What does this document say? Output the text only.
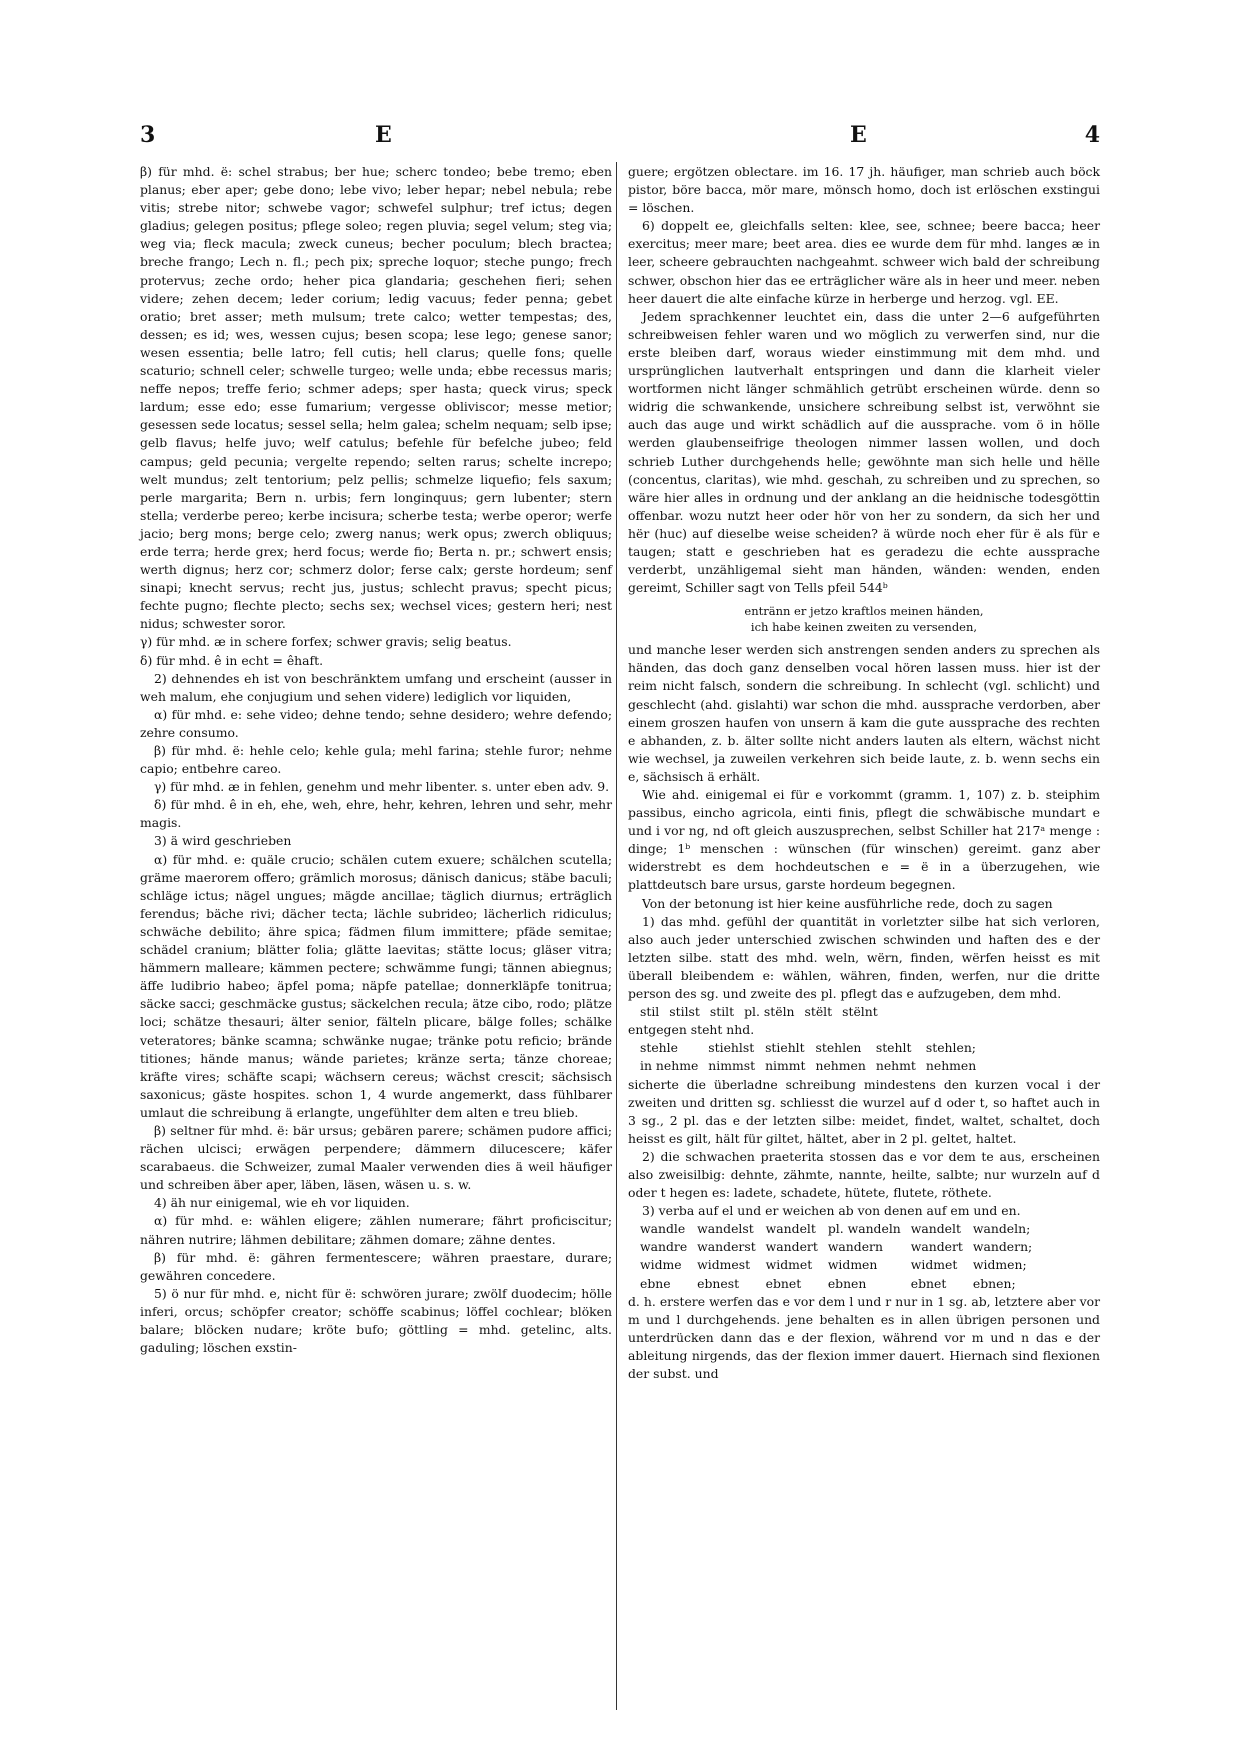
3	E	E	4

β) für mhd. ë: schel strabus; ber hue; scherc tondeo; bebe tremo; eben planus; eber aper; gebe dono; lebe vivo; leber hepar; nebel nebula; rebe vitis; strebe nitor; schwebe vagor; schwefel sulphur; tref ictus; degen gladius; gelegen positus; pflege soleo; regen pluvia; segel velum; steg via; weg via; fleck macula; zweck cuneus; becher poculum; blech bractea; breche frango; Lech n. fl.; pech pix; spreche loquor; steche pungo; frech protervus; zeche ordo; heher pica glandaria; geschehen fieri; sehen videre; zehen decem; leder corium; ledig vacuus; feder penna; gebet oratio; bret asser; meth mulsum; trete calco; wetter tempestas; des, dessen; es id; wes, wessen cujus; besen scopa; lese lego; genese sanor; wesen essentia; belle latro; fell cutis; hell clarus; quelle fons; quelle scaturio; schnell celer; schwelle turgeo; welle unda; ebbe recessus maris; neffe nepos; treffe ferio; schmer adeps; sper hasta; queck virus; speck lardum; esse edo; esse fumarium; vergesse obliviscor; messe metior; gesessen sede locatus; sessel sella; helm galea; schelm nequam; selb ipse; gelb flavus; helfe juvo; welf catulus; befehle für befelche jubeo; feld campus; geld pecunia; vergelte rependo; selten rarus; schelte increpo; welt mundus; zelt tentorium; pelz pellis; schmelze liquefio; fels saxum; perle margarita; Bern n. urbis; fern longinquus; gern lubenter; stern stella; verderbe pereo; kerbe incisura; scherbe testa; werbe operor; werfe jacio; berg mons; berge celo; zwerg nanus; werk opus; zwerch obliquus; erde terra; herde grex; herd focus; werde fio; Berta n. pr.; schwert ensis; werth dignus; herz cor; schmerz dolor; ferse calx; gerste hordeum; senf sinapi; knecht servus; recht jus, justus; schlecht pravus; specht picus; fechte pugno; flechte plecto; sechs sex; wechsel vices; gestern heri; nest nidus; schwester soror.

γ) für mhd. æ in schere forfex; schwer gravis; selig beatus.

δ) für mhd. ê in echt = êhaft.

2) dehnendes eh ist von beschränktem umfang und erscheint (ausser in weh malum, ehe conjugium und sehen videre) lediglich vor liquiden,

α) für mhd. e: sehe video; dehne tendo; sehne desidero; wehre defendo; zehre consumo.

β) für mhd. ë: hehle celo; kehle gula; mehl farina; stehle furor; nehme capio; entbehre careo.

γ) für mhd. æ in fehlen, genehm und mehr libenter. s. unter eben adv. 9.

δ) für mhd. ê in eh, ehe, weh, ehre, hehr, kehren, lehren und sehr, mehr magis.

3) ä wird geschrieben

α) für mhd. e: quäle crucio; schälen cutem exuere; schälchen scutella; gräme maerorem offero; grämlich morosus; dänisch danicus; stäbe baculi; schläge ictus; nägel ungues; mägde ancillae; täglich diurnus; erträglich ferendus; bäche rivi; dächer tecta; lächle subrideo; lächerlich ridiculus; schwäche debilito; ähre spica; fädmen filum immittere; pfäde semitae; schädel cranium; blätter folia; glätte laevitas; stätte locus; gläser vitra; hämmern malleare; kämmen pectere; schwämme fungi; tännen abiegnus; äffe ludibrio habeo; äpfel poma; näpfe patellae; donnerkläpfe tonitrua; säcke sacci; geschmäcke gustus; säckelchen recula; ätze cibo, rodo; plätze loci; schätze thesauri; älter senior, fälteln plicare, bälge folles; schälke veteratores; bänke scamna; schwänke nugae; tränke potu reficio; brände titiones; hände manus; wände parietes; kränze serta; tänze choreae; kräfte vires; schäfte scapi; wächsern cereus; wächst crescit; sächsisch saxonicus; gäste hospites. schon 1, 4 wurde angemerkt, dass fühlbarer umlaut die schreibung ä erlangte, ungefühlter dem alten e treu blieb.

β) seltner für mhd. ë: bär ursus; gebären parere; schämen pudore affici; rächen ulcisci; erwägen perpendere; dämmern dilucescere; käfer scarabaeus. die Schweizer, zumal Maaler verwenden dies ä weil häufiger und schreiben äber aper, läben, läsen, wäsen u. s. w.

4) äh nur einigemal, wie eh vor liquiden.

α) für mhd. e: wählen eligere; zählen numerare; fährt proficiscitur; nähren nutrire; lähmen debilitare; zähmen domare; zähne dentes.

β) für mhd. ë: gähren fermentescere; währen praestare, durare; gewähren concedere.

5) ö nur für mhd. e, nicht für ë: schwören jurare; zwölf duodecim; hölle inferi, orcus; schöpfer creator; schöffe scabinus; löffel cochlear; blöken balare; blöcken nudare; kröte bufo; göttling = mhd. getelinc, alts. gaduling; löschen exstin-

guere; ergötzen oblectare. im 16. 17 jh. häufiger, man schrieb auch böck pistor, böre bacca, mör mare, mönsch homo, doch ist erlöschen exstingui = löschen.

6) doppelt ee, gleichfalls selten: klee, see, schnee; beere bacca; heer exercitus; meer mare; beet area. dies ee wurde dem für mhd. langes æ in leer, scheere gebrauchten nachgeahmt. schweer wich bald der schreibung schwer, obschon hier das ee erträglicher wäre als in heer und meer. neben heer dauert die alte einfache kürze in herberge und herzog. vgl. EE.

Jedem sprachkenner leuchtet ein, dass die unter 2—6 aufgeführten schreibweisen fehler waren und wo möglich zu verwerfen sind, nur die erste bleiben darf, woraus wieder einstimmung mit dem mhd. und ursprünglichen lautverhalt entspringen und dann die klarheit vieler wortformen nicht länger schmählich getrübt erscheinen würde. denn so widrig die schwankende, unsichere schreibung selbst ist, verwöhnt sie auch das auge und wirkt schädlich auf die aussprache. vom ö in hölle werden glaubenseifrige theologen nimmer lassen wollen, und doch schrieb Luther durchgehends helle; gewöhnte man sich helle und hëlle (concentus, claritas), wie mhd. geschah, zu schreiben und zu sprechen, so wäre hier alles in ordnung und der anklang an die heidnische todesgöttin offenbar. wozu nutzt heer oder hör von her zu sondern, da sich her und hër (huc) auf dieselbe weise scheiden? ä würde noch eher für ë als für e taugen; statt e geschrieben hat es geradezu die echte aussprache verderbt, unzähligemal sieht man händen, wänden: wenden, enden gereimt, Schiller sagt von Tells pfeil 544ᵇ

entränn er jetzo kraftlos meinen händen,
ich habe keinen zweiten zu versenden,

und manche leser werden sich anstrengen senden anders zu sprechen als händen, das doch ganz denselben vocal hören lassen muss. hier ist der reim nicht falsch, sondern die schreibung. In schlecht (vgl. schlicht) und geschlecht (ahd. gislahti) war schon die mhd. aussprache verdorben, aber einem groszen haufen von unsern ä kam die gute aussprache des rechten e abhanden, z. b. älter sollte nicht anders lauten als eltern, wächst nicht wie wechsel, ja zuweilen verkehren sich beide laute, z. b. wenn sechs ein e, sächsisch ä erhält.

Wie ahd. einigemal ei für e vorkommt (gramm. 1, 107) z. b. steiphim passibus, eincho agricola, einti finis, pflegt die schwäbische mundart e und i vor ng, nd oft gleich auszusprechen, selbst Schiller hat 217ᵃ menge : dinge; 1ᵇ menschen : wünschen (für winschen) gereimt. ganz aber widerstrebt es dem hochdeutschen e = ë in a überzugehen, wie plattdeutsch bare ursus, garste hordeum begegnen.

Von der betonung ist hier keine ausführliche rede, doch zu sagen

1) das mhd. gefühl der quantität in vorletzter silbe hat sich verloren, also auch jeder unterschied zwischen schwinden und haften des e der letzten silbe. statt des mhd. weln, wërn, finden, wërfen heisst es mit überall bleibendem e: wählen, währen, finden, werfen, nur die dritte person des sg. und zweite des pl. pflegt das e aufzugeben, dem mhd.

stil	stilst	stilt	pl. stëln	stëlt	stëlnt

entgegen steht nhd.

stehle	stiehlst	stiehlt	stehlen	stehlt	stehlen;
in nehme	nimmst	nimmt	nehmen	nehmt	nehmen

sicherte die überladne schreibung mindestens den kurzen vocal i der zweiten und dritten sg. schliesst die wurzel auf d oder t, so haftet auch in 3 sg., 2 pl. das e der letzten silbe: meidet, findet, waltet, schaltet, doch heisst es gilt, hält für giltet, hältet, aber in 2 pl. geltet, haltet.

2) die schwachen praeterita stossen das e vor dem te aus, erscheinen also zweisilbig: dehnte, zähmte, nannte, heilte, salbte; nur wurzeln auf d oder t hegen es: ladete, schadete, hütete, flutete, röthete.

3) verba auf el und er weichen ab von denen auf em und en.

wandle	wandelst	wandelt	pl. wandeln	wandelt	wandeln;
wandre	wanderst	wandert	wandern	wandert	wandern;
widme	widmest	widmet	widmen	widmet	widmen;
ebne	ebnest	ebnet	ebnen	ebnet	ebnen;

d. h. erstere werfen das e vor dem l und r nur in 1 sg. ab, letztere aber vor m und l durchgehends. jene behalten es in allen übrigen personen und unterdrücken dann das e der flexion, während vor m und n das e der ableitung nirgends, das der flexion immer dauert. Hiernach sind flexionen der subst. und
